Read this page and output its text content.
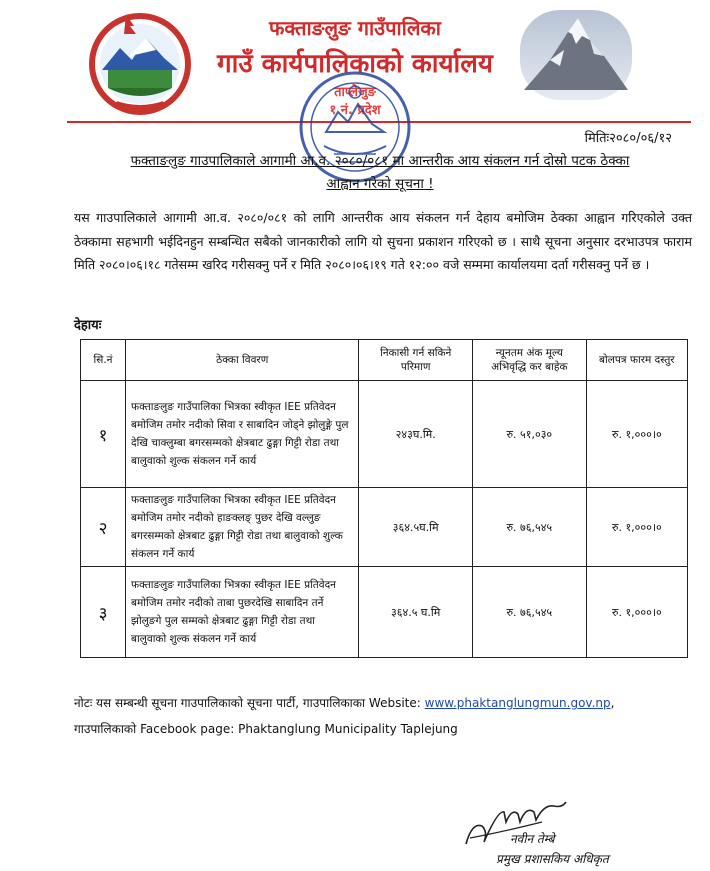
फक्ताङलुङ गाउँपालिका
गाउँ कार्यपालिकाको कार्यालय
ताप्लेजुङ
१ नं. प्रदेश
मितिः२०८०/०६/१२
फक्ताङलुङ गाउपालिकाले आगामी आ.व. २०८०/०८१ मा आन्तरीक आय संकलन गर्न दोस्रो पटक ठेक्का
आह्वान गरेको सूचना !
यस गाउपालिकाले आगामी आ.व. २०८०/०८१ को लागि आन्तरीक आय संकलन गर्न देहाय बमोजिम ठेक्का आह्वान गरिएकोले उक्त ठेक्कामा सहभागी भईदिनहुन सम्बन्धित सबैको जानकारीको लागि यो सुचना प्रकाशन गरिएको छ । साथै सूचना अनुसार दरभाउपत्र फाराम मिति २०८०।०६।१८ गतेसम्म खरिद गरीसक्नु पर्ने र मिति २०८०।०६।१९ गते १२:०० वजे सम्ममा कार्यालयमा दर्ता गरीसक्नु पर्ने छ ।
देहायः
सि.नं	ठेक्का विवरण	निकासी गर्न सकिने परिमाण	न्यूनतम अंक मूल्य अभिवृद्धि कर बाहेक	बोलपत्र फारम दस्तुर
१	फक्ताङलुङ गाउँपालिका भित्रका स्वीकृत IEE प्रतिवेदन बमोजिम तमोर नदीको सिवा र साबादिन जोड्ने झोलुङ्गे पुल देखि चाक्लुम्बा बगरसम्मको क्षेत्रबाट ढुङ्गा गिट्टी रोडा तथा बालुवाको शुल्क संकलन गर्ने कार्य	२४३घ.मि.	रु. ५१,०३०	रु. १,०००।०
२	फक्ताङलुङ गाउँपालिका भित्रका स्वीकृत IEE प्रतिवेदन बमोजिम तमोर नदीको हाङक्लङ् पुछर देखि वल्लुङ बगरसम्मको क्षेत्रबाट ढुङ्गा गिट्टी रोडा तथा बालुवाको शुल्क संकलन गर्ने कार्य	३६४.५घ.मि	रु. ७६,५४५	रु. १,०००।०
३	फक्ताङलुङ गाउँपालिका भित्रका स्वीकृत IEE प्रतिवेदन बमोजिम तमोर नदीको ताबा पुछरदेखि साबादिन तर्ने झोलुङगे पुल सम्मको क्षेत्रबाट ढुङ्गा गिट्टी रोडा तथा बालुवाको शुल्क संकलन गर्ने कार्य	३६४.५ घ.मि	रु. ७६,५४५	रु. १,०००।०
नोटः यस सम्बन्धी सूचना गाउपालिकाको सूचना पार्टी, गाउपालिकाका Website: www.phaktanglungmun.gov.np,
गाउपालिकाको Facebook page: Phaktanglung Municipality Taplejung
नवीन तेम्बे
प्रमुख प्रशासकिय अधिकृत
